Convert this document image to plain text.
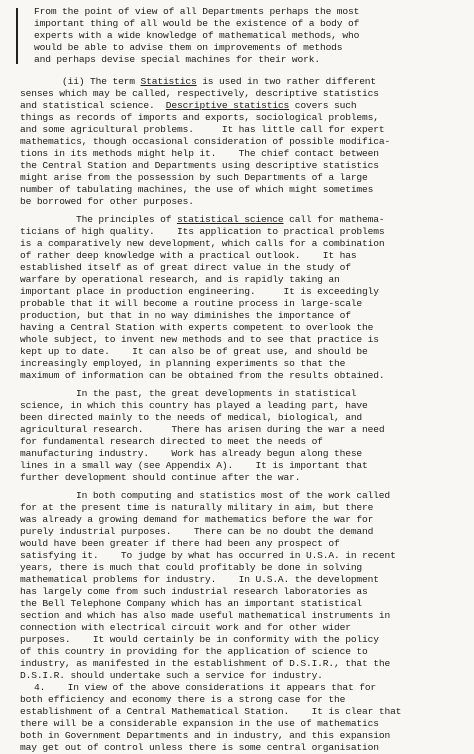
From the point of view of all Departments perhaps the most
important thing of all would be the existence of a body of
experts with a wide knowledge of mathematical methods, who
would be able to advise them on improvements of methods
and perhaps devise special machines for their work.
(ii) The term Statistics is used in two rather different
senses which may be called, respectively, descriptive statistics
and statistical science.  Descriptive statistics covers such
things as records of imports and exports, sociological problems,
and some agricultural problems.     It has little call for expert
mathematics, though occasional consideration of possible modifica-
tions in its methods might help it.    The chief contact between
the Central Station and Departments using descriptive statistics
might arise from the possession by such Departments of a large
number of tabulating machines, the use of which might sometimes
be borrowed for other purposes.
The principles of statistical science call for mathema-
ticians of high quality.    Its application to practical problems
is a comparatively new development, which calls for a combination
of rather deep knowledge with a practical outlook.    It has
established itself as of great direct value in the study of
warfare by operational research, and is rapidly taking an
important place in production engineering.     It is exceedingly
probable that it will become a routine process in large-scale
production, but that in no way diminishes the importance of
having a Central Station with experts competent to overlook the
whole subject, to invent new methods and to see that practice is
kept up to date.    It can also be of great use, and should be
increasingly employed, in planning experiments so that the
maximum of information can be obtained from the results obtained.
In the past, the great developments in statistical
science, in which this country has played a leading part, have
been directed mainly to the needs of medical, biological, and
agricultural research.     There has arisen during the war a need
for fundamental research directed to meet the needs of
manufacturing industry.    Work has already begun along these
lines in a small way (see Appendix A).    It is important that
further development should continue after the war.
In both computing and statistics most of the work called
for at the present time is naturally military in aim, but there
was already a growing demand for mathematics before the war for
purely industrial purposes.    There can be no doubt the demand
would have been greater if there had been any prospect of
satisfying it.    To judge by what has occurred in U.S.A. in recent
years, there is much that could profitably be done in solving
mathematical problems for industry.    In U.S.A. the development
has largely come from such industrial research laboratories as
the Bell Telephone Company which has an important statistical
section and which has also made useful mathematical instruments in
connection with electrical circuit work and for other wider
purposes.    It would certainly be in conformity with the policy
of this country in providing for the application of science to
industry, as manifested in the establishment of D.S.I.R., that the
D.S.I.R. should undertake such a service for industry.
4.    In view of the above considerations it appears that for
both efficiency and economy there is a strong case for the
establishment of a Central Mathematical Station.    It is clear that
there will be a considerable expansion in the use of mathematics
both in Government Departments and in industry, and this expansion
may get out of control unless there is some central organisation
